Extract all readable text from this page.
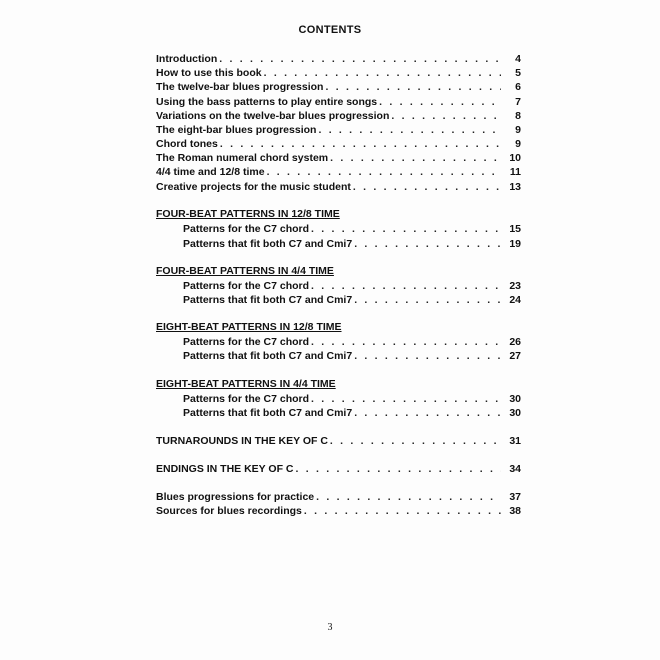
CONTENTS
Introduction . . .	4
How to use this book . . .	5
The twelve-bar blues progression . . .	6
Using the bass patterns to play entire songs . . .	7
Variations on the twelve-bar blues progression . . .	8
The eight-bar blues progression . . .	9
Chord tones . . .	9
The Roman numeral chord system . . .	10
4/4 time and 12/8 time . . .	11
Creative projects for the music student . . .	13
FOUR-BEAT PATTERNS IN 12/8 TIME
Patterns for the C7 chord . . .	15
Patterns that fit both C7 and Cmi7 . . .	19
FOUR-BEAT PATTERNS IN 4/4 TIME
Patterns for the C7 chord . . .	23
Patterns that fit both C7 and Cmi7 . . .	24
EIGHT-BEAT PATTERNS IN 12/8 TIME
Patterns for the C7 chord . . .	26
Patterns that fit both C7 and Cmi7 . . .	27
EIGHT-BEAT PATTERNS IN 4/4 TIME
Patterns for the C7 chord . . .	30
Patterns that fit both C7 and Cmi7 . . .	30
TURNAROUNDS IN THE KEY OF C . . .	31
ENDINGS IN THE KEY OF C . . .	34
Blues progressions for practice . . .	37
Sources for blues recordings . . .	38
3
